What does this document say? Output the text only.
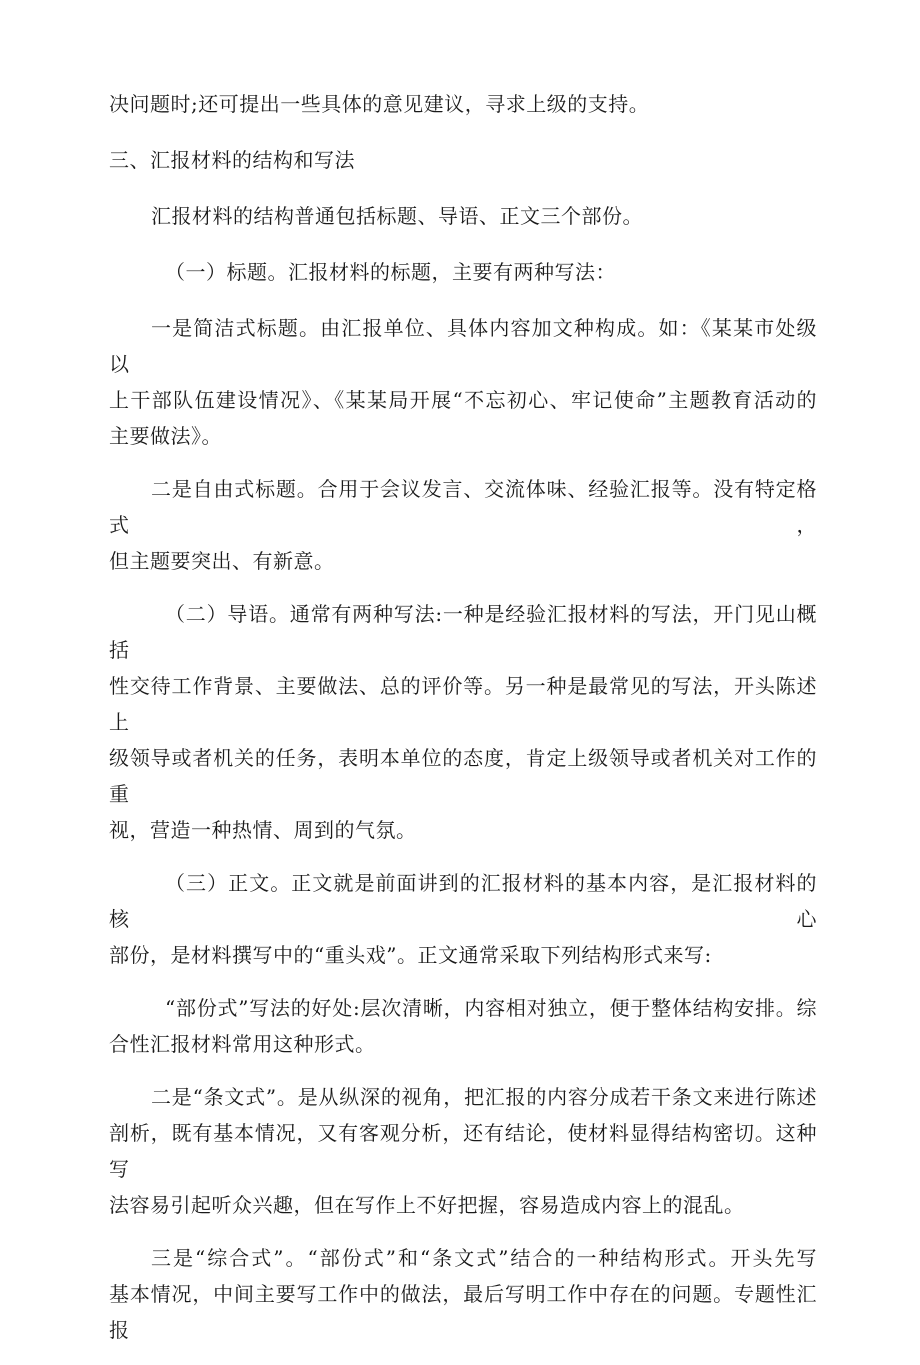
决问题时;还可提出一些具体的意见建议，寻求上级的支持。

三、汇报材料的结构和写法

汇报材料的结构普通包括标题、导语、正文三个部份。

（一）标题。汇报材料的标题，主要有两种写法：

一是简洁式标题。由汇报单位、具体内容加文种构成。如：《某某市处级以
上干部队伍建设情况》、《某某局开展“不忘初心、牢记使命”主题教育活动的
主要做法》。

二是自由式标题。合用于会议发言、交流体味、经验汇报等。没有特定格式，
但主题要突出、有新意。

（二）导语。通常有两种写法:一种是经验汇报材料的写法，开门见山概括
性交待工作背景、主要做法、总的评价等。另一种是最常见的写法，开头陈述上
级领导或者机关的任务，表明本单位的态度，肯定上级领导或者机关对工作的重
视，营造一种热情、周到的气氛。

（三）正文。正文就是前面讲到的汇报材料的基本内容，是汇报材料的核心
部份，是材料撰写中的“重头戏”。正文通常采取下列结构形式来写:

“部份式”写法的好处:层次清晰，内容相对独立，便于整体结构安排。综
合性汇报材料常用这种形式。

二是“条文式”。是从纵深的视角，把汇报的内容分成若干条文来进行陈述
剖析，既有基本情况，又有客观分析，还有结论，使材料显得结构密切。这种写
法容易引起听众兴趣，但在写作上不好把握，容易造成内容上的混乱。

三是“综合式”。“部份式”和“条文式”结合的一种结构形式。开头先写
基本情况，中间主要写工作中的做法，最后写明工作中存在的问题。专题性汇报
